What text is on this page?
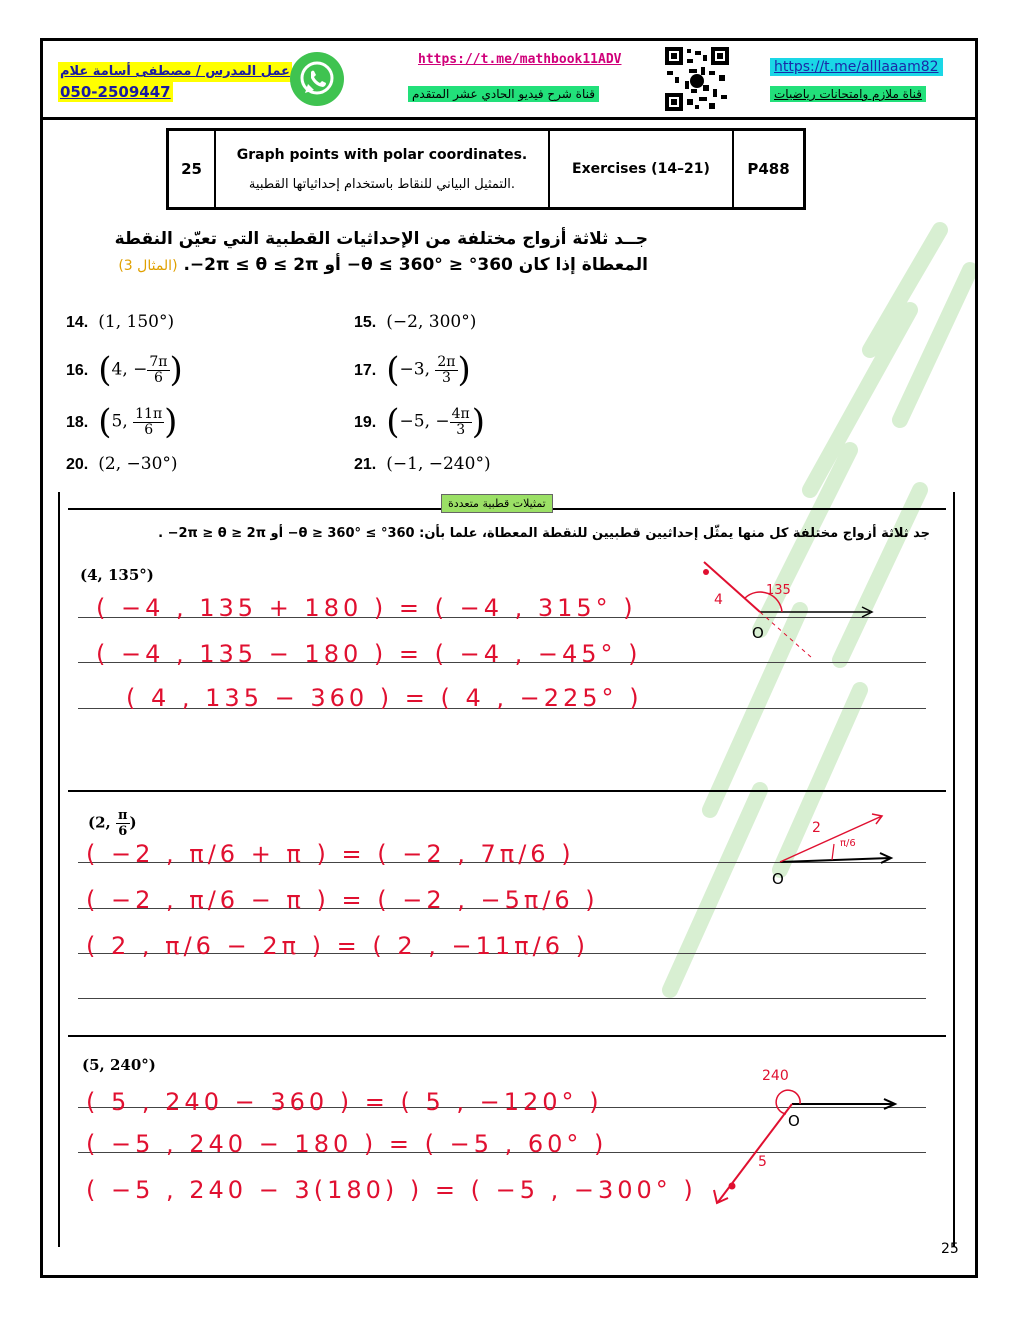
عمل المدرس / مصطفى أسامة علام
050-2509447
https://t.me/mathbook11ADV
قناة شرح فيديو الحادي عشر المتقدم
https://t.me/alllaaam82
قناة ملازم وامتحانات رياضيات
25
Graph points with polar coordinates.
التمثيل البياني للنقاط باستخدام إحداثياتها القطبية.
Exercises (14–21)	P488
جــد ثلاثة أزواج مختلفة من الإحداثيات القطبية التي تعيّن النقطة
المعطاة إذا كان 360° ≤ θ ≤ 360°− أو 2π ≤ θ ≤ 2π−. (المثال 3)
14. (1, 150°)	15. (−2, 300°)
16. (4, − $\frac{7\pi}{6}$ )	17. (−3, $\frac{2\pi}{3}$ )
18. (5, $\frac{11\pi}{6}$ )	19. (−5, − $\frac{4\pi}{3}$ )
20. (2, −30°)	21. (−1, −240°)
تمثيلات قطبية متعددة
جد ثلاثة أزواج مختلفة كل منها يمثّل إحداثيين قطبيين للنقطة المعطاة، علما بأن: 360° ≥ θ ≥ 360°− أو 2π ≥ θ ≥ 2π− .
(4, 135°)
( −4 , 135 + 180 ) = ( −4 , 315° )
( −4 , 135 − 180 ) = ( −4 , −45° )
( 4 , 135 − 360 ) = ( 4 , −225° )
4
135
O
(2, $\frac{\pi}{6}$ )
( −2 , π/6 + π ) = ( −2 , 7π/6 )
( −2 , π/6 − π ) = ( −2 , −5π/6 )
( 2 , π/6 − 2π ) = ( 2 , −11π/6 )
2
π/6
O
(5, 240°)
( 5 , 240 − 360 ) = ( 5 , −120° )
( −5 , 240 − 180 ) = ( −5 , 60° )
( −5 , 240 − 3(180) ) = ( −5 , −300° )
240
5
O
25
